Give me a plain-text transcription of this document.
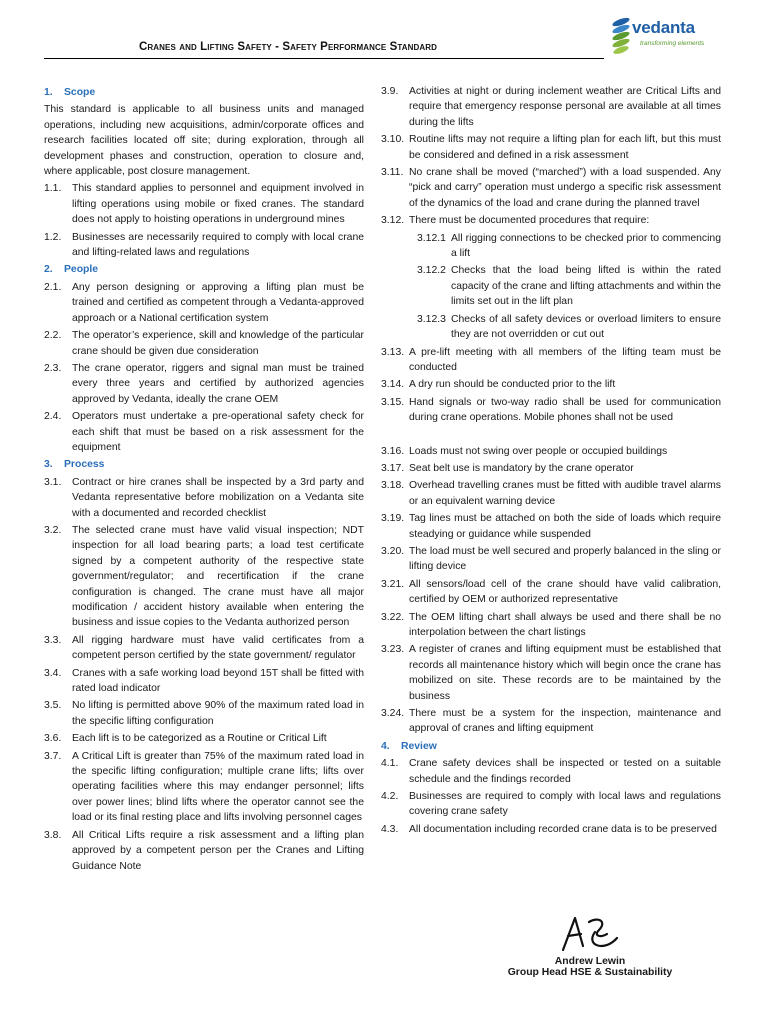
Cranes and Lifting Safety - Safety Performance Standard
vedanta
transforming elements
1.	Scope
This standard is applicable to all business units and managed operations, including new acquisitions, admin/corporate offices and research facilities located off site; during exploration, through all development phases and construction, operation to closure and, where applicable, post closure management.
1.1.	This standard applies to personnel and equipment involved in lifting operations using mobile or fixed cranes. The standard does not apply to hoisting operations in underground mines
1.2.	Businesses are necessarily required to comply with local crane and lifting-related laws and regulations
2.	People
2.1.	Any person designing or approving a lifting plan must be trained and certified as competent through a Vedanta-approved approach or a National certification system
2.2.	The operator’s experience, skill and knowledge of the particular crane should be given due consideration
2.3.	The crane operator, riggers and signal man must be trained every three years and certified by authorized agencies approved by Vedanta, ideally the crane OEM
2.4.	Operators must undertake a pre-operational safety check for each shift that must be based on a risk assessment for the equipment
3.	Process
3.1.	Contract or hire cranes shall be inspected by a 3rd party and Vedanta representative before mobilization on a Vedanta site with a documented and recorded checklist
3.2.	The selected crane must have valid visual inspection; NDT inspection for all load bearing parts; a load test certificate signed by a competent authority of the respective state government/regulator; and recertification if the crane configuration is changed. The crane must have all major modification / accident history available when entering the business and issue copies to the Vedanta authorized person
3.3.	All rigging hardware must have valid certificates from a competent person certified by the state government/ regulator
3.4.	Cranes with a safe working load beyond 15T shall be fitted with rated load indicator
3.5.	No lifting is permitted above 90% of the maximum rated load in the specific lifting configuration
3.6.	Each lift is to be categorized as a Routine or Critical Lift
3.7.	A Critical Lift is greater than 75% of the maximum rated load in the specific lifting configuration; multiple crane lifts; lifts over operating facilities where this may endanger personnel; lifts over power lines; blind lifts where the operator cannot see the load or its final resting place and lifts involving personnel cages
3.8.	All Critical Lifts require a risk assessment and a lifting plan approved by a competent person per the Cranes and Lifting Guidance Note
3.9.	Activities at night or during inclement weather are Critical Lifts and require that emergency response personal are available at all times during the lifts
3.10. Routine lifts may not require a lifting plan for each lift, but this must be considered and defined in a risk assessment
3.11. No crane shall be moved (“marched”) with a load suspended. Any “pick and carry” operation must undergo a specific risk assessment of the dynamics of the load and crane during the planned travel
3.12. There must be documented procedures that require:
3.12.1 All rigging connections to be checked prior to commencing a lift
3.12.2 Checks that the load being lifted is within the rated capacity of the crane and lifting attachments and within the limits set out in the lift plan
3.12.3 Checks of all safety devices or overload limiters to ensure they are not overridden or cut out
3.13. A pre-lift meeting with all members of the lifting team must be conducted
3.14. A dry run should be conducted prior to the lift
3.15. Hand signals or two-way radio shall be used for communication during crane operations. Mobile phones shall not be used
3.16. Loads must not swing over people or occupied buildings
3.17. Seat belt use is mandatory by the crane operator
3.18. Overhead travelling cranes must be fitted with audible travel alarms or an equivalent warning device
3.19. Tag lines must be attached on both the side of loads which require steadying or guidance while suspended
3.20. The load must be well secured and properly balanced in the sling or lifting device
3.21. All sensors/load cell of the crane should have valid calibration, certified by OEM or authorized representative
3.22. The OEM lifting chart shall always be used and there shall be no interpolation between the chart listings
3.23. A register of cranes and lifting equipment must be established that records all maintenance history which will begin once the crane has mobilized on site. These records are to be maintained by the business
3.24. There must be a system for the inspection, maintenance and approval of cranes and lifting equipment
4.	Review
4.1.	Crane safety devices shall be inspected or tested on a suitable schedule and the findings recorded
4.2.	Businesses are required to comply with local laws and regulations covering crane safety
4.3.	All documentation including recorded crane data is to be preserved
Andrew Lewin
Group Head HSE & Sustainability
